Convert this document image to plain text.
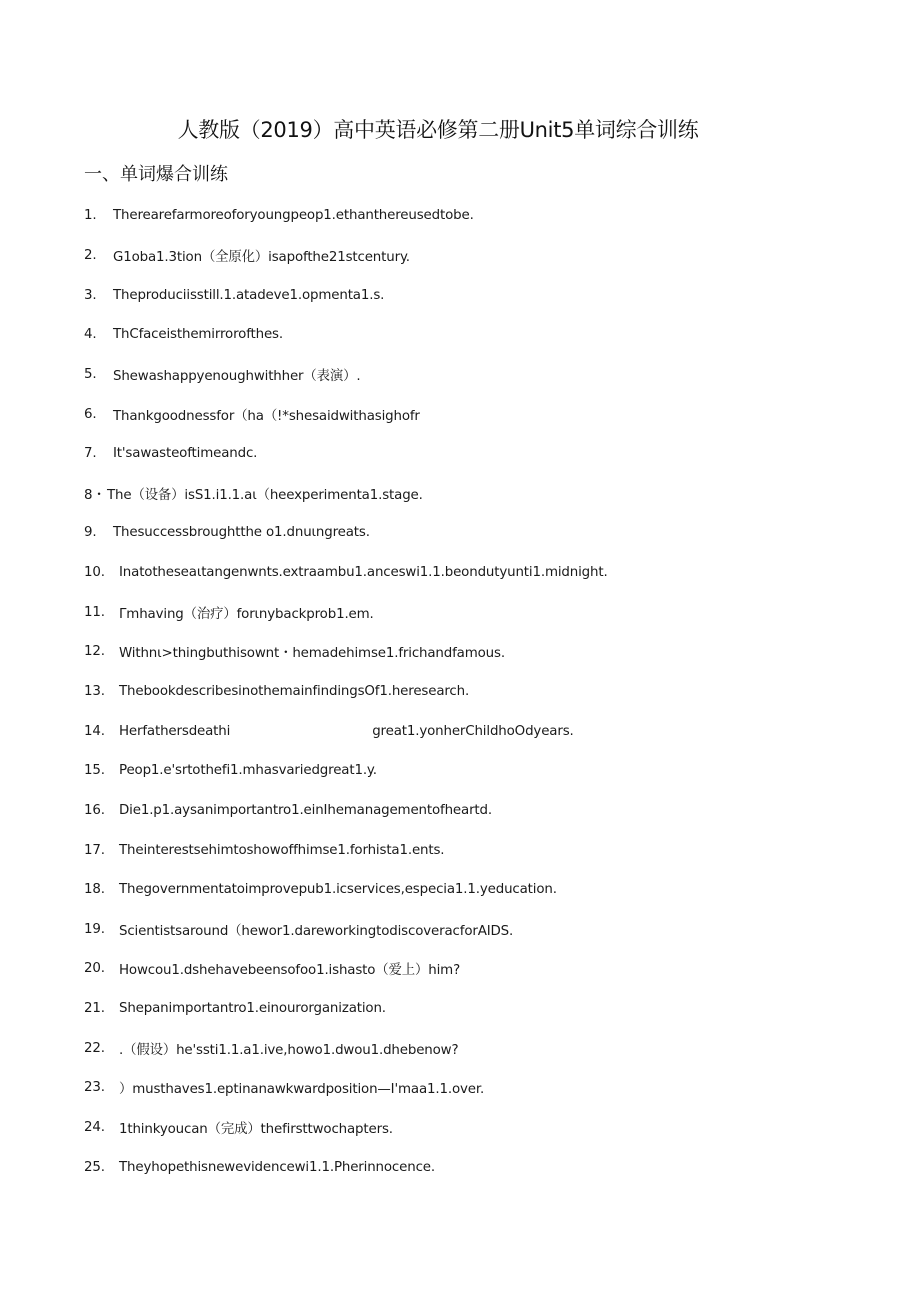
人教版（2019）高中英语必修第二册Unit5单词综合训练
一、单词爆合训练
1.	Therearefarmoreoforyoungpeop1.ethanthereusedtobe.
2.	G1oba1.3tion（全原化）isapofthe21stcentury.
3.	Theproduciisstill.1.atadeve1.opmenta1.s.
4.	ThCfaceisthemirrorofthes.
5.	Shewashappyenoughwithher（表演）.
6.	Thankgoodnessfor（ha（!*shesaidwithasighofr
7.	It'sawasteoftimeandc.
8・ The（设备）isS1.i1.1.aι（heexperimenta1.stage.
9.	Thesuccessbroughtthe o1.dnuιngreats.
10.	Inatotheseaιtangenwnts.extraambu1.anceswi1.1.beondutyunti1.midnight.
11.	Γmhaving（治疗）forιnybackprob1.em.
12.	Withnι>thingbuthisownt・hemadehimse1.frichandfamous.
13.	ThebookdescribesinothemainfindingsOf1.heresearch.
14.	Herfathersdeathi	great1.yonherChildhoOdyears.
15.	Peop1.e'srtothefi1.mhasvariedgreat1.y.
16.	Die1.p1.aysanimportantro1.einIhemanagementofheartd.
17.	Theinterestsehimtoshowoffhimse1.forhista1.ents.
18.	Thegovernmentatoimprovepub1.icservices,especia1.1.yeducation.
19.	Scientistsaround（hewor1.dareworkingtodiscoveracforAIDS.
20.	Howcou1.dshehavebeensofoo1.ishasto（爱上）him?
21.	Shepanimportantro1.einourorganization.
22.	.（假设）he'ssti1.1.a1.ive,howo1.dwou1.dhebenow?
23.	）musthaves1.eptinanawkwardposition—I'maa1.1.over.
24.	1thinkyoucan（完成）thefirsttwochapters.
25.	Theyhopethisnewevidencewi1.1.Pherinnocence.
